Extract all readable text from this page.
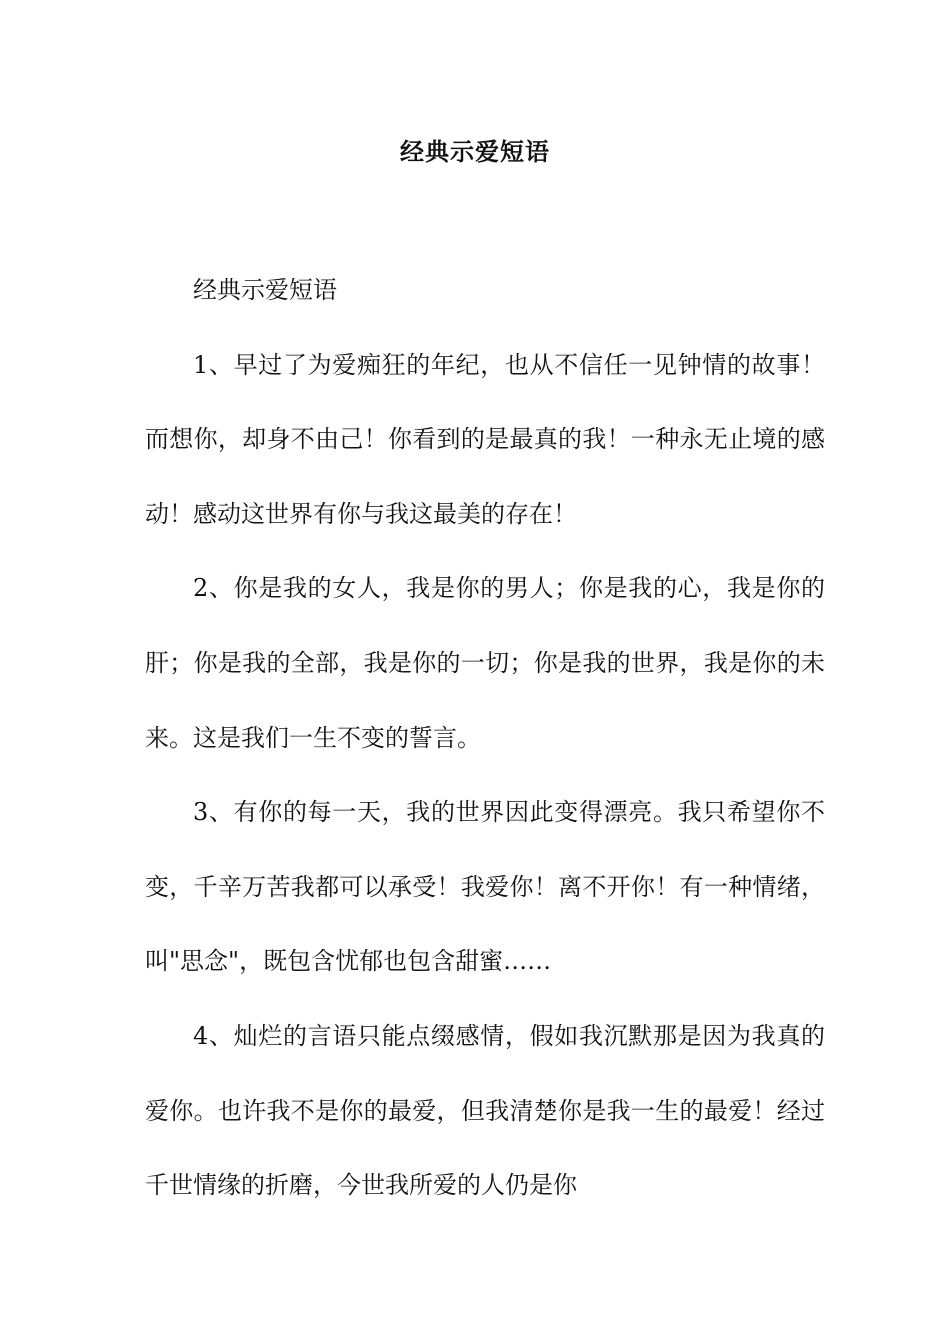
经典示爱短语

经典示爱短语

1、早过了为爱痴狂的年纪，也从不信任一见钟情的故事！而想你，却身不由己！你看到的是最真的我！一种永无止境的感动！感动这世界有你与我这最美的存在！

2、你是我的女人，我是你的男人；你是我的心，我是你的肝；你是我的全部，我是你的一切；你是我的世界，我是你的未来。这是我们一生不变的誓言。

3、有你的每一天，我的世界因此变得漂亮。我只希望你不变，千辛万苦我都可以承受！我爱你！离不开你！有一种情绪，叫"思念"，既包含忧郁也包含甜蜜……

4、灿烂的言语只能点缀感情，假如我沉默那是因为我真的爱你。也许我不是你的最爱，但我清楚你是我一生的最爱！经过千世情缘的折磨，今世我所爱的人仍是你
